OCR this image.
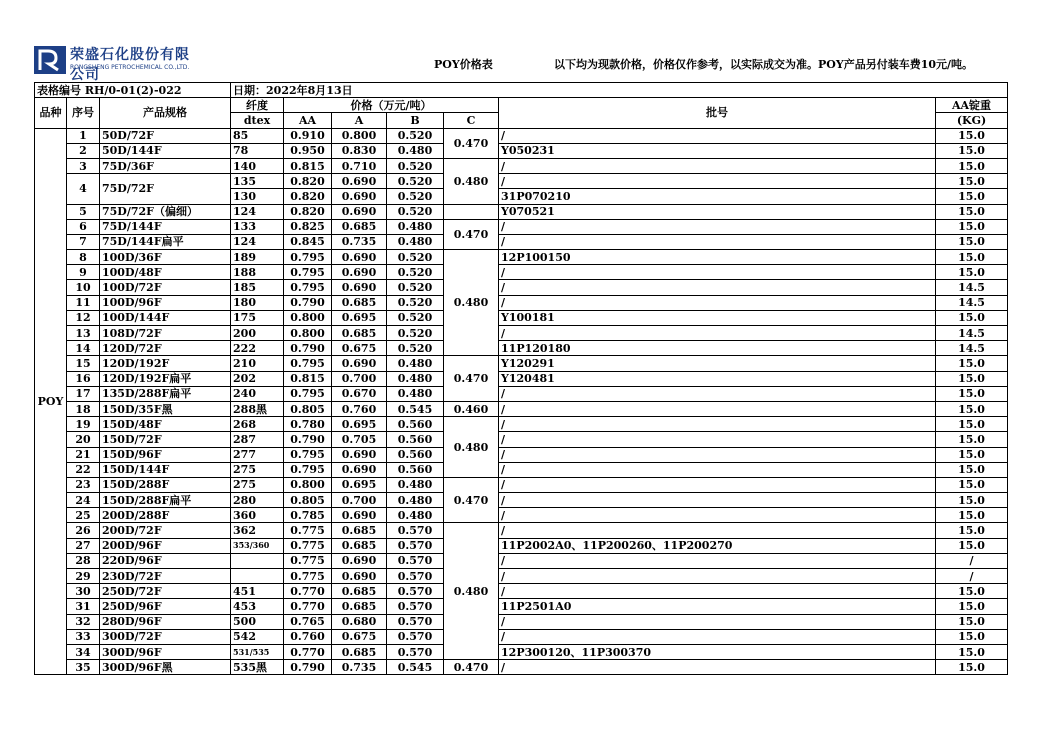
荣盛石化股份有限公司
RONGSHENG PETROCHEMICAL CO.,LTD.	POY价格表	以下均为现款价格，价格仅作参考，以实际成交为准。POY产品另付装车费10元/吨。
表格编号 RH/0-01(2)-022			日期：2022年8月13日						
品种	序号	产品规格	纤度	价格（万元/吨）				批号	AA锭重
			dtex	AA	A	B	C		(KG)
POY	1	50D/72F	85	0.910	0.800	0.520	0.470	/	15.0
	2	50D/144F	78	0.950	0.830	0.480		Y050231	15.0
	3	75D/36F	140	0.815	0.710	0.520	0.480	/	15.0
	4	75D/72F	135	0.820	0.690	0.520		/	15.0
			130	0.820	0.690	0.520		31P070210	15.0
	5	75D/72F（偏细）	124	0.820	0.690	0.520		Y070521	15.0
	6	75D/144F	133	0.825	0.685	0.480	0.470	/	15.0
	7	75D/144F扁平	124	0.845	0.735	0.480		/	15.0
	8	100D/36F	189	0.795	0.690	0.520	0.480	12P100150	15.0
	9	100D/48F	188	0.795	0.690	0.520		/	15.0
	10	100D/72F	185	0.795	0.690	0.520		/	14.5
	11	100D/96F	180	0.790	0.685	0.520		/	14.5
	12	100D/144F	175	0.800	0.695	0.520		Y100181	15.0
	13	108D/72F	200	0.800	0.685	0.520		/	14.5
	14	120D/72F	222	0.790	0.675	0.520		11P120180	14.5
	15	120D/192F	210	0.795	0.690	0.480	0.470	Y120291	15.0
	16	120D/192F扁平	202	0.815	0.700	0.480		Y120481	15.0
	17	135D/288F扁平	240	0.795	0.670	0.480		/	15.0
	18	150D/35F黑	288黑	0.805	0.760	0.545	0.460	/	15.0
	19	150D/48F	268	0.780	0.695	0.560	0.480	/	15.0
	20	150D/72F	287	0.790	0.705	0.560		/	15.0
	21	150D/96F	277	0.795	0.690	0.560		/	15.0
	22	150D/144F	275	0.795	0.690	0.560		/	15.0
	23	150D/288F	275	0.800	0.695	0.480	0.470	/	15.0
	24	150D/288F扁平	280	0.805	0.700	0.480		/	15.0
	25	200D/288F	360	0.785	0.690	0.480		/	15.0
	26	200D/72F	362	0.775	0.685	0.570	0.480	/	15.0
	27	200D/96F	353/360	0.775	0.685	0.570		11P2002A0、11P200260、11P200270	15.0
	28	220D/96F		0.775	0.690	0.570		/	/
	29	230D/72F		0.775	0.690	0.570		/	/
	30	250D/72F	451	0.770	0.685	0.570		/	15.0
	31	250D/96F	453	0.770	0.685	0.570		11P2501A0	15.0
	32	280D/96F	500	0.765	0.680	0.570		/	15.0
	33	300D/72F	542	0.760	0.675	0.570		/	15.0
	34	300D/96F	531/535	0.770	0.685	0.570		12P300120、11P300370	15.0
	35	300D/96F黑	535黑	0.790	0.735	0.545	0.470	/	15.0
